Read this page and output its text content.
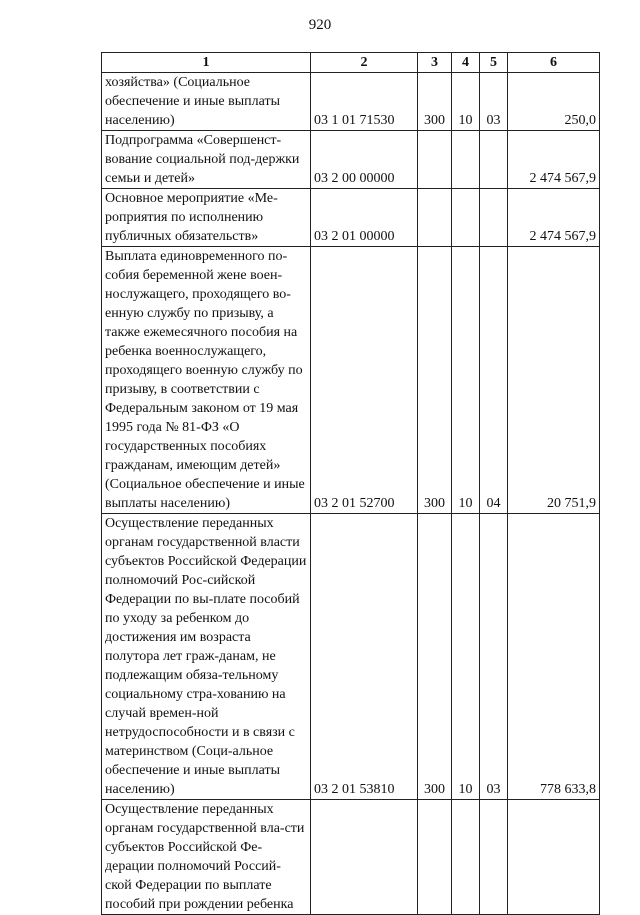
920
1	2	3	4	5	6
хозяйства» (Социальное обеспечение и иные выплаты населению)	03 1 01 71530	300	10	03	250,0
Подпрограмма «Совершенст-вование социальной под-держки семьи и детей»	03 2 00 00000				2 474 567,9
Основное мероприятие «Ме-роприятия по исполнению публичных обязательств»	03 2 01 00000				2 474 567,9
Выплата единовременного по-собия беременной жене воен-нослужащего, проходящего во-енную службу по призыву, а также ежемесячного пособия на ребенка военнослужащего, проходящего военную службу по призыву, в соответствии с Федеральным законом от 19 мая 1995 года № 81-ФЗ «О государственных пособиях гражданам, имеющим детей» (Социальное обеспечение и иные выплаты населению)	03 2 01 52700	300	10	04	20 751,9
Осуществление переданных органам государственной власти субъектов Российской Федерации полномочий Рос-сийской Федерации по вы-плате пособий по уходу за ребенком до достижения им возраста полутора лет граж-данам, не подлежащим обяза-тельному социальному стра-хованию на случай времен-ной нетрудоспособности и в связи с материнством (Соци-альное обеспечение и иные выплаты населению)	03 2 01 53810	300	10	03	778 633,8
Осуществление переданных органам государственной вла-сти субъектов Российской Фе-дерации полномочий Россий-ской Федерации по выплате пособий при рождении ребенка					
